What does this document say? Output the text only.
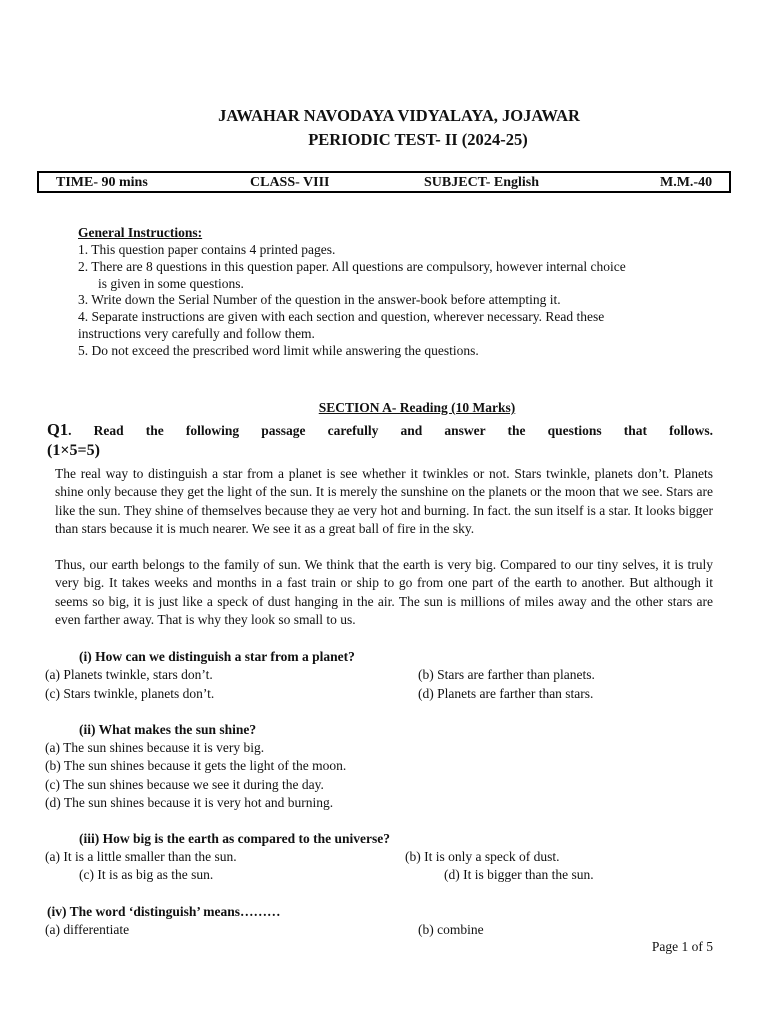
JAWAHAR NAVODAYA VIDYALAYA, JOJAWAR
PERIODIC TEST- II (2024-25)
TIME- 90 mins	CLASS- VIII	SUBJECT- English	M.M.-40
General Instructions:
1. This question paper contains 4 printed pages.
2. There are 8 questions in this question paper. All questions are compulsory, however internal choice
is given in some questions.
3. Write down the Serial Number of the question in the answer-book before attempting it.
4. Separate instructions are given with each section and question, wherever necessary. Read these
instructions very carefully and follow them.
5. Do not exceed the prescribed word limit while answering the questions.
SECTION A- Reading (10 Marks)
Q1. Read the following passage carefully and answer the questions that follows.
(1×5=5)
The real way to distinguish a star from a planet is see whether it twinkles or not. Stars twinkle, planets don’t. Planets shine only because they get the light of the sun. It is merely the sunshine on the planets or the moon that we see. Stars are like the sun. They shine of themselves because they ae very hot and burning. In fact. the sun itself is a star. It looks bigger than stars because it is much nearer. We see it as a great ball of fire in the sky.
Thus, our earth belongs to the family of sun. We think that the earth is very big. Compared to our tiny selves, it is truly very big. It takes weeks and months in a fast train or ship to go from one part of the earth to another. But although it seems so big, it is just like a speck of dust hanging in the air. The sun is millions of miles away and the other stars are even farther away. That is why they look so small to us.
(i) How can we distinguish a star from a planet?
(a) Planets twinkle, stars don’t.	(b) Stars are farther than planets.
(c) Stars twinkle, planets don’t.	(d) Planets are farther than stars.
(ii) What makes the sun shine?
(a) The sun shines because it is very big.
(b) The sun shines because it gets the light of the moon.
(c) The sun shines because we see it during the day.
(d) The sun shines because it is very hot and burning.
(iii) How big is the earth as compared to the universe?
(a) It is a little smaller than the sun.	(b) It is only a speck of dust.
(c) It is as big as the sun.	(d) It is bigger than the sun.
(iv) The word ‘distinguish’ means………
(a) differentiate	(b) combine
Page 1 of 5
